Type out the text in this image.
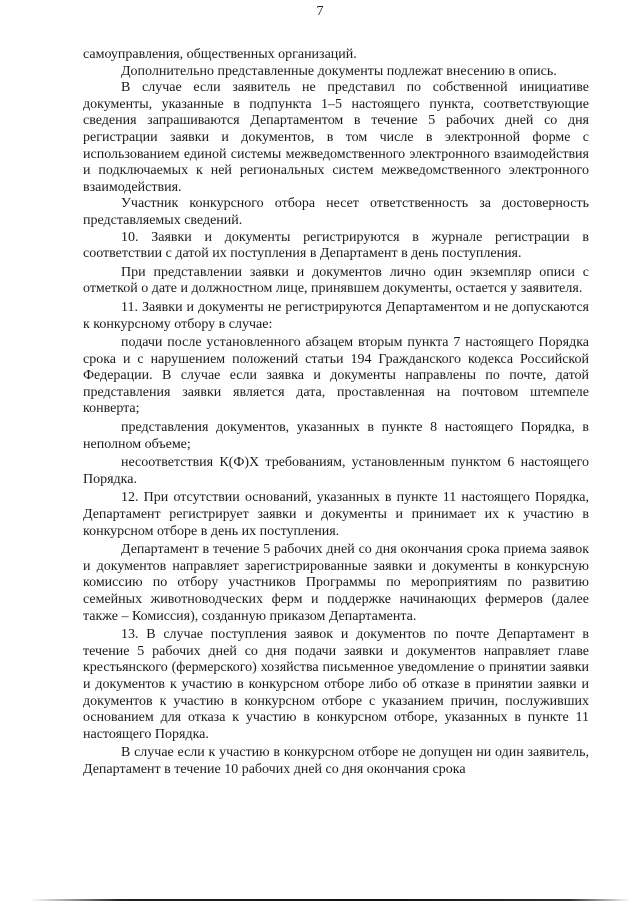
7

самоуправления, общественных организаций.

Дополнительно представленные документы подлежат внесению в опись.

В случае если заявитель не представил по собственной инициативе документы, указанные в подпункта 1–5 настоящего пункта, соответствующие сведения запрашиваются Департаментом в течение 5 рабочих дней со дня регистрации заявки и документов, в том числе в электронной форме с использованием единой системы межведомственного электронного взаимодействия и подключаемых к ней региональных систем межведомственного электронного взаимодействия.

Участник конкурсного отбора несет ответственность за достоверность представляемых сведений.

10. Заявки и документы регистрируются в журнале регистрации в соответствии с датой их поступления в Департамент в день поступления.

При представлении заявки и документов лично один экземпляр описи с отметкой о дате и должностном лице, принявшем документы, остается у заявителя.

11. Заявки и документы не регистрируются Департаментом и не допускаются к конкурсному отбору в случае:

подачи после установленного абзацем вторым пункта 7 настоящего Порядка срока и с нарушением положений статьи 194 Гражданского кодекса Российской Федерации. В случае если заявка и документы направлены по почте, датой представления заявки является дата, проставленная на почтовом штемпеле конверта;

представления документов, указанных в пункте 8 настоящего Порядка, в неполном объеме;

несоответствия К(Ф)Х требованиям, установленным пунктом 6 настоящего Порядка.

12. При отсутствии оснований, указанных в пункте 11 настоящего Порядка, Департамент регистрирует заявки и документы и принимает их к участию в конкурсном отборе в день их поступления.

Департамент в течение 5 рабочих дней со дня окончания срока приема заявок и документов направляет зарегистрированные заявки и документы в конкурсную комиссию по отбору участников Программы по мероприятиям по развитию семейных животноводческих ферм и поддержке начинающих фермеров (далее также – Комиссия), созданную приказом Департамента.

13. В случае поступления заявок и документов по почте Департамент в течение 5 рабочих дней со дня подачи заявки и документов направляет главе крестьянского (фермерского) хозяйства письменное уведомление о принятии заявки и документов к участию в конкурсном отборе либо об отказе в принятии заявки и документов к участию в конкурсном отборе с указанием причин, послуживших основанием для отказа к участию в конкурсном отборе, указанных в пункте 11 настоящего Порядка.

В случае если к участию в конкурсном отборе не допущен ни один заявитель, Департамент в течение 10 рабочих дней со дня окончания срока
